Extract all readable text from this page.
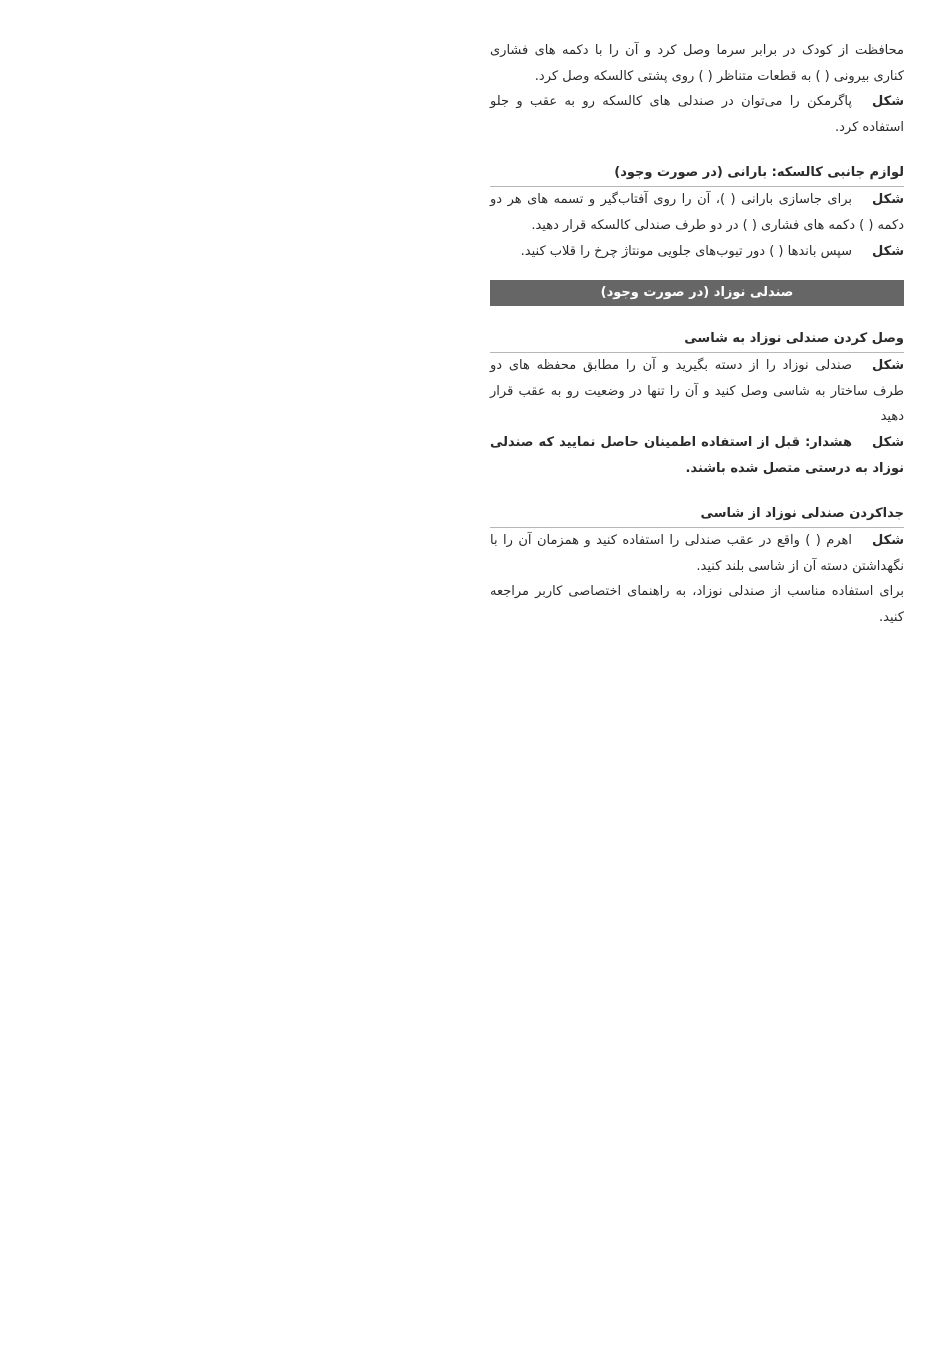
محافظت از کودک در برابر سرما وصل کرد و آن را با دکمه های فشاری کناری بیرونی ( ) به قطعات متناظر ( ) روی پشتی کالسکه وصل کرد.

شکلپاگرمکن را می‌توان در صندلی های کالسکه رو به عقب و جلو استفاده کرد.

لوازم جانبی کالسکه: بارانی (در صورت وجود)

شکلبرای جاسازی بارانی ( )، آن را روی آفتاب‌گیر و تسمه های هر دو دکمه ( ) دکمه های فشاری ( ) در دو طرف صندلی کالسکه قرار دهید.

شکلسپس باندها ( ) دور تیوب‌های جلویی مونتاژ چرخ را قلاب کنید.

صندلی نوزاد (در صورت وجود)

وصل کردن صندلی نوزاد به شاسی

شکلصندلی نوزاد را از دسته بگیرید و آن را مطابق محفظه های دو طرف ساختار به شاسی وصل کنید و آن را تنها در وضعیت رو به عقب قرار دهید

شکلهشدار: قبل از استفاده اطمینان حاصل نمایید که صندلی نوزاد به درستی متصل شده باشند.

جداکردن صندلی نوزاد از شاسی

شکلاهرم ( ) واقع در عقب صندلی را استفاده کنید و همزمان آن را با نگهداشتن دسته آن از شاسی بلند کنید.

برای استفاده مناسب از صندلی نوزاد، به راهنمای اختصاصی کاربر مراجعه کنید.
